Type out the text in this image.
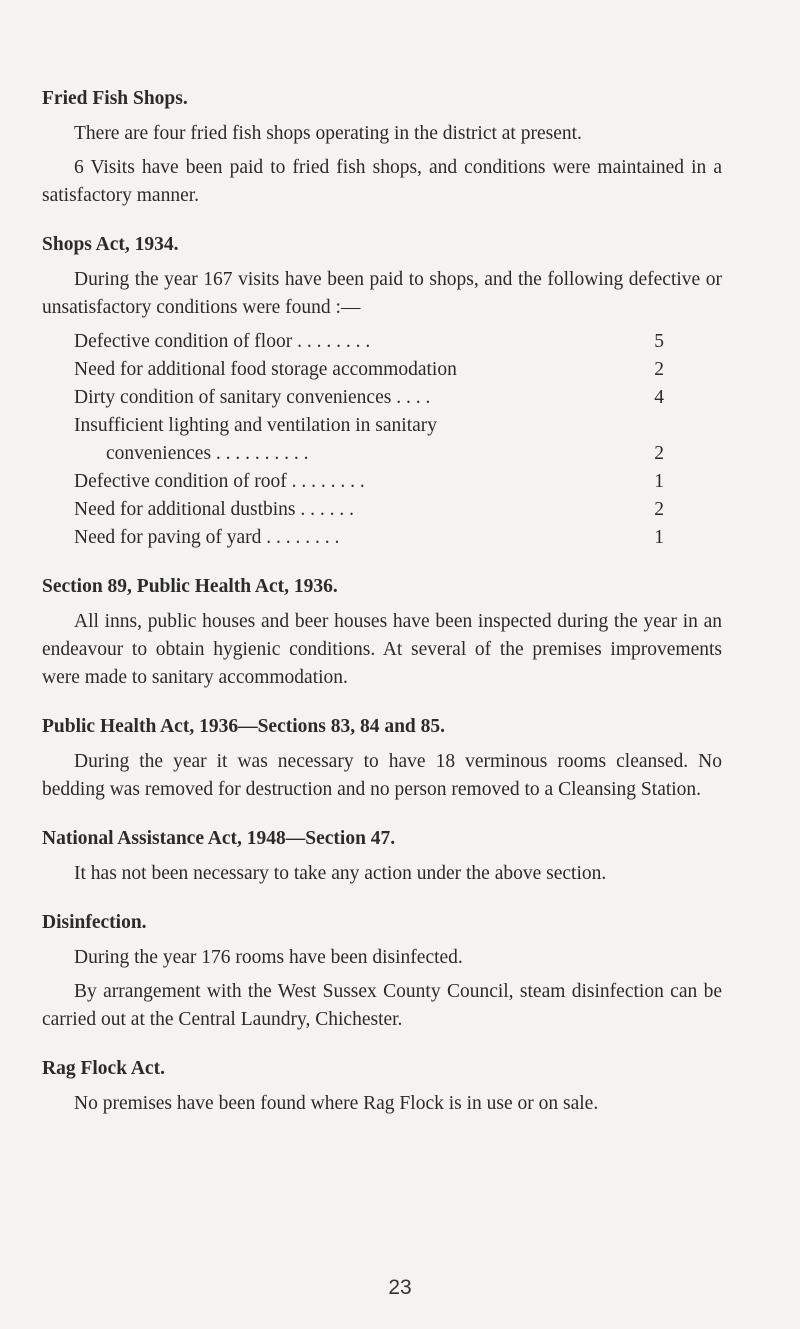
Fried Fish Shops.

There are four fried fish shops operating in the district at present.

6 Visits have been paid to fried fish shops, and conditions were maintained in a satisfactory manner.

Shops Act, 1934.

During the year 167 visits have been paid to shops, and the following defective or unsatisfactory conditions were found :—

Defective condition of floor . . . . . . . .	5
Need for additional food storage accommodation	2
Dirty condition of sanitary conveniences . . . .	4
Insufficient lighting and ventilation in sanitary
conveniences . . . . . . . . . .	2
Defective condition of roof . . . . . . . .	1
Need for additional dustbins . . . . . .	2
Need for paving of yard . . . . . . . .	1
Section 89, Public Health Act, 1936.

All inns, public houses and beer houses have been inspected during the year in an endeavour to obtain hygienic conditions. At several of the premises improvements were made to sanitary accommodation.

Public Health Act, 1936—Sections 83, 84 and 85.

During the year it was necessary to have 18 verminous rooms cleansed. No bedding was removed for destruction and no person removed to a Cleansing Station.

National Assistance Act, 1948—Section 47.

It has not been necessary to take any action under the above section.

Disinfection.

During the year 176 rooms have been disinfected.

By arrangement with the West Sussex County Council, steam disinfection can be carried out at the Central Laundry, Chichester.

Rag Flock Act.

No premises have been found where Rag Flock is in use or on sale.

23
